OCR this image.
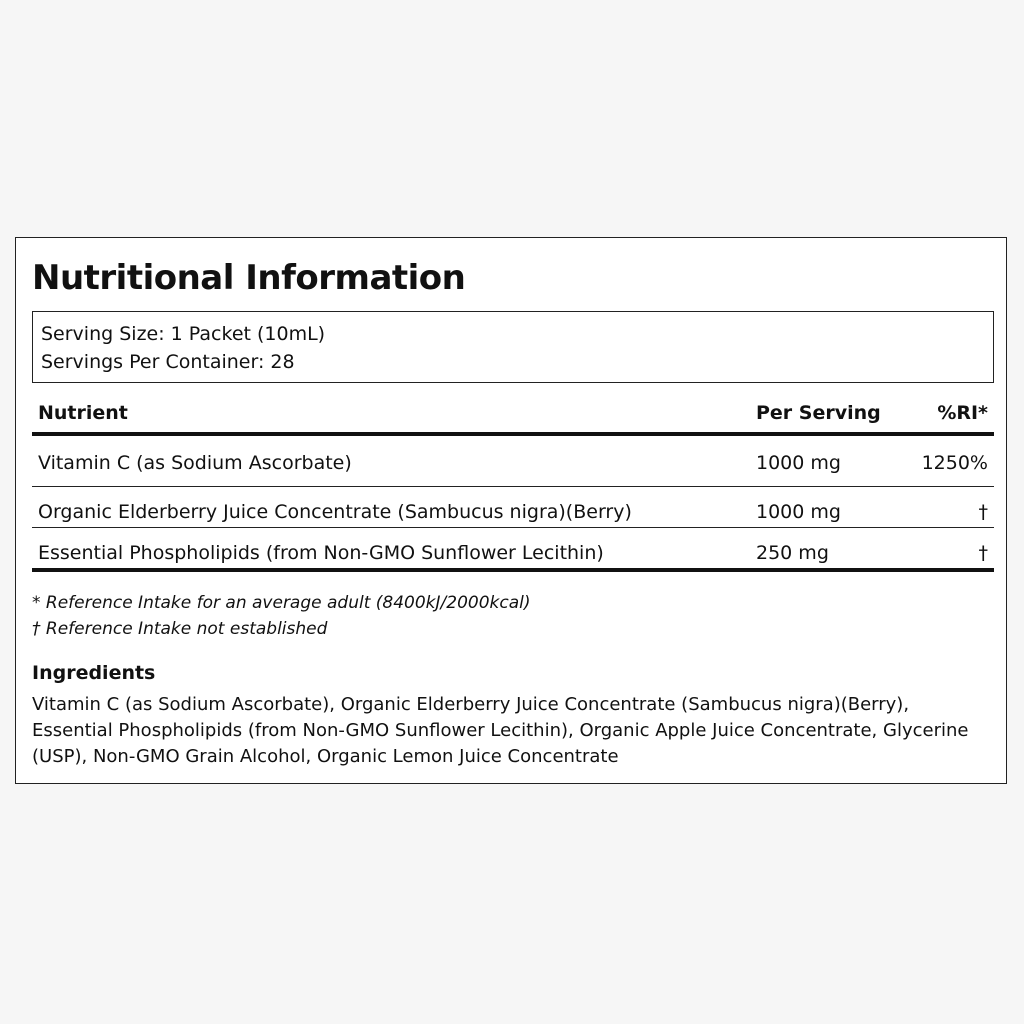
Nutritional Information
Serving Size: 1 Packet (10mL)
Servings Per Container: 28
Nutrient	Per Serving	%RI*
Vitamin C (as Sodium Ascorbate)	1000 mg	1250%
Organic Elderberry Juice Concentrate (Sambucus nigra)(Berry)	1000 mg	†
Essential Phospholipids (from Non-GMO Sunflower Lecithin)	250 mg	†
* Reference Intake for an average adult (8400kJ/2000kcal)
† Reference Intake not established
Ingredients

Vitamin C (as Sodium Ascorbate), Organic Elderberry Juice Concentrate (Sambucus nigra)(Berry), Essential Phospholipids (from Non-GMO Sunflower Lecithin), Organic Apple Juice Concentrate, Glycerine (USP), Non-GMO Grain Alcohol, Organic Lemon Juice Concentrate
